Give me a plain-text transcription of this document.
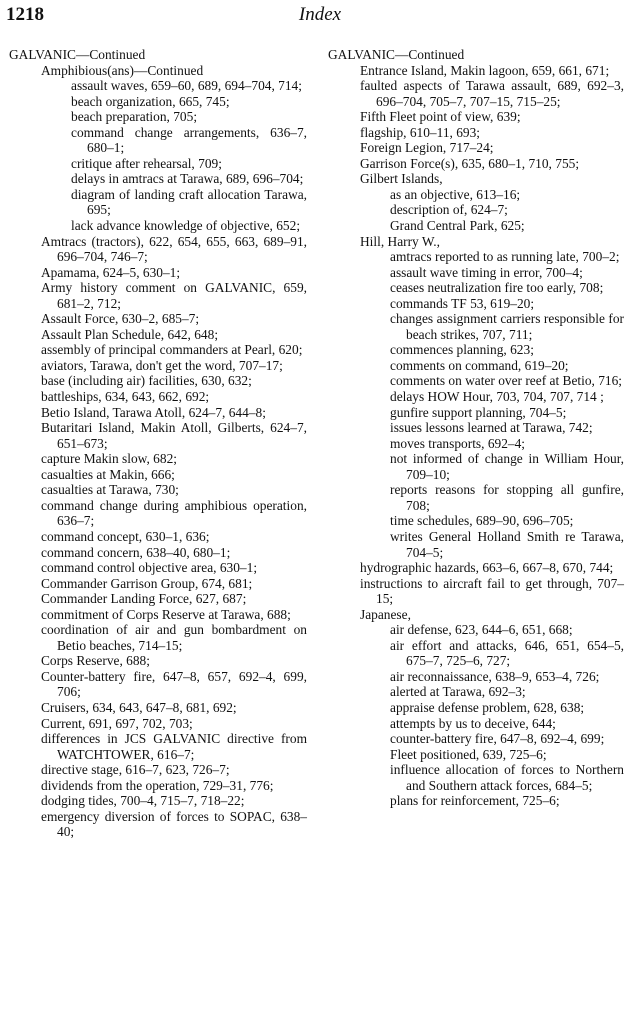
1218	Index

GALVANIC—Continued

Amphibious(ans)—Continued

assault waves, 659–60, 689, 694–704, 714;

beach organization, 665, 745;

beach preparation, 705;

command change arrangements, 636–7, 680–1;

critique after rehearsal, 709;

delays in amtracs at Tarawa, 689, 696–704;

diagram of landing craft allocation Tarawa, 695;

lack advance knowledge of objective, 652;

Amtracs (tractors), 622, 654, 655, 663, 689–91, 696–704, 746–7;

Apamama, 624–5, 630–1;

Army history comment on GALVANIC, 659, 681–2, 712;

Assault Force, 630–2, 685–7;

Assault Plan Schedule, 642, 648;

assembly of principal commanders at Pearl, 620;

aviators, Tarawa, don't get the word, 707–17;

base (including air) facilities, 630, 632;

battleships, 634, 643, 662, 692;

Betio Island, Tarawa Atoll, 624–7, 644–8;

Butaritari Island, Makin Atoll, Gilberts, 624–7, 651–673;

capture Makin slow, 682;

casualties at Makin, 666;

casualties at Tarawa, 730;

command change during amphibious operation, 636–7;

command concept, 630–1, 636;

command concern, 638–40, 680–1;

command control objective area, 630–1;

Commander Garrison Group, 674, 681;

Commander Landing Force, 627, 687;

commitment of Corps Reserve at Tarawa, 688;

coordination of air and gun bombardment on Betio beaches, 714–15;

Corps Reserve, 688;

Counter-battery fire, 647–8, 657, 692–4, 699, 706;

Cruisers, 634, 643, 647–8, 681, 692;

Current, 691, 697, 702, 703;

differences in JCS GALVANIC directive from WATCHTOWER, 616–7;

directive stage, 616–7, 623, 726–7;

dividends from the operation, 729–31, 776;

dodging tides, 700–4, 715–7, 718–22;

emergency diversion of forces to SOPAC, 638–40;

GALVANIC—Continued

Entrance Island, Makin lagoon, 659, 661, 671;

faulted aspects of Tarawa assault, 689, 692–3, 696–704, 705–7, 707–15, 715–25;

Fifth Fleet point of view, 639;

flagship, 610–11, 693;

Foreign Legion, 717–24;

Garrison Force(s), 635, 680–1, 710, 755;

Gilbert Islands,

as an objective, 613–16;

description of, 624–7;

Grand Central Park, 625;

Hill, Harry W.,

amtracs reported to as running late, 700–2;

assault wave timing in error, 700–4;

ceases neutralization fire too early, 708;

commands TF 53, 619–20;

changes assignment carriers responsible for beach strikes, 707, 711;

commences planning, 623;

comments on command, 619–20;

comments on water over reef at Betio, 716;

delays HOW Hour, 703, 704, 707, 714 ;

gunfire support planning, 704–5;

issues lessons learned at Tarawa, 742;

moves transports, 692–4;

not informed of change in William Hour, 709–10;

reports reasons for stopping all gunfire, 708;

time schedules, 689–90, 696–705;

writes General Holland Smith re Tarawa, 704–5;

hydrographic hazards, 663–6, 667–8, 670, 744;

instructions to aircraft fail to get through, 707–15;

Japanese,

air defense, 623, 644–6, 651, 668;

air effort and attacks, 646, 651, 654–5, 675–7, 725–6, 727;

air reconnaissance, 638–9, 653–4, 726;

alerted at Tarawa, 692–3;

appraise defense problem, 628, 638;

attempts by us to deceive, 644;

counter-battery fire, 647–8, 692–4, 699;

Fleet positioned, 639, 725–6;

influence allocation of forces to Northern and Southern attack forces, 684–5;

plans for reinforcement, 725–6;
